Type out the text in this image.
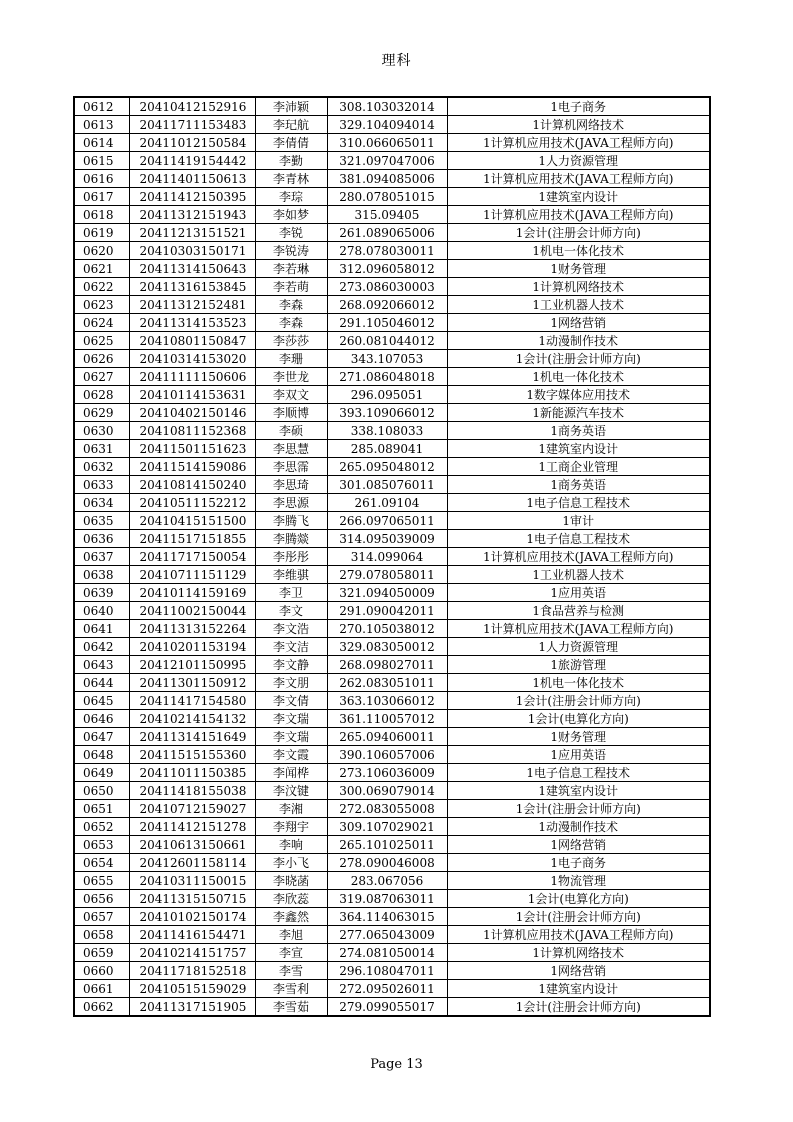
理科
0612	20410412152916	李沛颖	308.103032014	1电子商务
0613	20411711153483	李玘航	329.104094014	1计算机网络技术
0614	20411012150584	李倩倩	310.066065011	1计算机应用技术(JAVA工程师方向)
0615	20411419154442	李勤	321.097047006	1人力资源管理
0616	20411401150613	李青林	381.094085006	1计算机应用技术(JAVA工程师方向)
0617	20411412150395	李琮	280.078051015	1建筑室内设计
0618	20411312151943	李如梦	315.09405	1计算机应用技术(JAVA工程师方向)
0619	20411213151521	李锐	261.089065006	1会计(注册会计师方向)
0620	20410303150171	李锐涛	278.078030011	1机电一体化技术
0621	20411314150643	李若琳	312.096058012	1财务管理
0622	20411316153845	李若萌	273.086030003	1计算机网络技术
0623	20411312152481	李森	268.092066012	1工业机器人技术
0624	20411314153523	李森	291.105046012	1网络营销
0625	20410801150847	李莎莎	260.081044012	1动漫制作技术
0626	20410314153020	李珊	343.107053	1会计(注册会计师方向)
0627	20411111150606	李世龙	271.086048018	1机电一体化技术
0628	20410114153631	李双文	296.095051	1数字媒体应用技术
0629	20410402150146	李顺博	393.109066012	1新能源汽车技术
0630	20410811152368	李硕	338.108033	1商务英语
0631	20411501151623	李思慧	285.089041	1建筑室内设计
0632	20411514159086	李思霈	265.095048012	1工商企业管理
0633	20410814150240	李思琦	301.085076011	1商务英语
0634	20410511152212	李思源	261.09104	1电子信息工程技术
0635	20410415151500	李腾飞	266.097065011	1审计
0636	20411517151855	李腾燚	314.095039009	1电子信息工程技术
0637	20411717150054	李彤彤	314.099064	1计算机应用技术(JAVA工程师方向)
0638	20410711151129	李维骐	279.078058011	1工业机器人技术
0639	20410114159169	李卫	321.094050009	1应用英语
0640	20411002150044	李文	291.090042011	1食品营养与检测
0641	20411313152264	李文浩	270.105038012	1计算机应用技术(JAVA工程师方向)
0642	20410201153194	李文洁	329.083050012	1人力资源管理
0643	20412101150995	李文静	268.098027011	1旅游管理
0644	20411301150912	李文朋	262.083051011	1机电一体化技术
0645	20411417154580	李文倩	363.103066012	1会计(注册会计师方向)
0646	20410214154132	李文瑞	361.110057012	1会计(电算化方向)
0647	20411314151649	李文瑞	265.094060011	1财务管理
0648	20411515155360	李文霞	390.106057006	1应用英语
0649	20411011150385	李闻桦	273.106036009	1电子信息工程技术
0650	20411418155038	李汶键	300.069079014	1建筑室内设计
0651	20410712159027	李湘	272.083055008	1会计(注册会计师方向)
0652	20411412151278	李翔宇	309.107029021	1动漫制作技术
0653	20410613150661	李响	265.101025011	1网络营销
0654	20412601158114	李小飞	278.090046008	1电子商务
0655	20410311150015	李晓菡	283.067056	1物流管理
0656	20411315150715	李欣蕊	319.087063011	1会计(电算化方向)
0657	20410102150174	李鑫然	364.114063015	1会计(注册会计师方向)
0658	20411416154471	李旭	277.065043009	1计算机应用技术(JAVA工程师方向)
0659	20410214151757	李宣	274.081050014	1计算机网络技术
0660	20411718152518	李雪	296.108047011	1网络营销
0661	20410515159029	李雪利	272.095026011	1建筑室内设计
0662	20411317151905	李雪茹	279.099055017	1会计(注册会计师方向)
Page 13
